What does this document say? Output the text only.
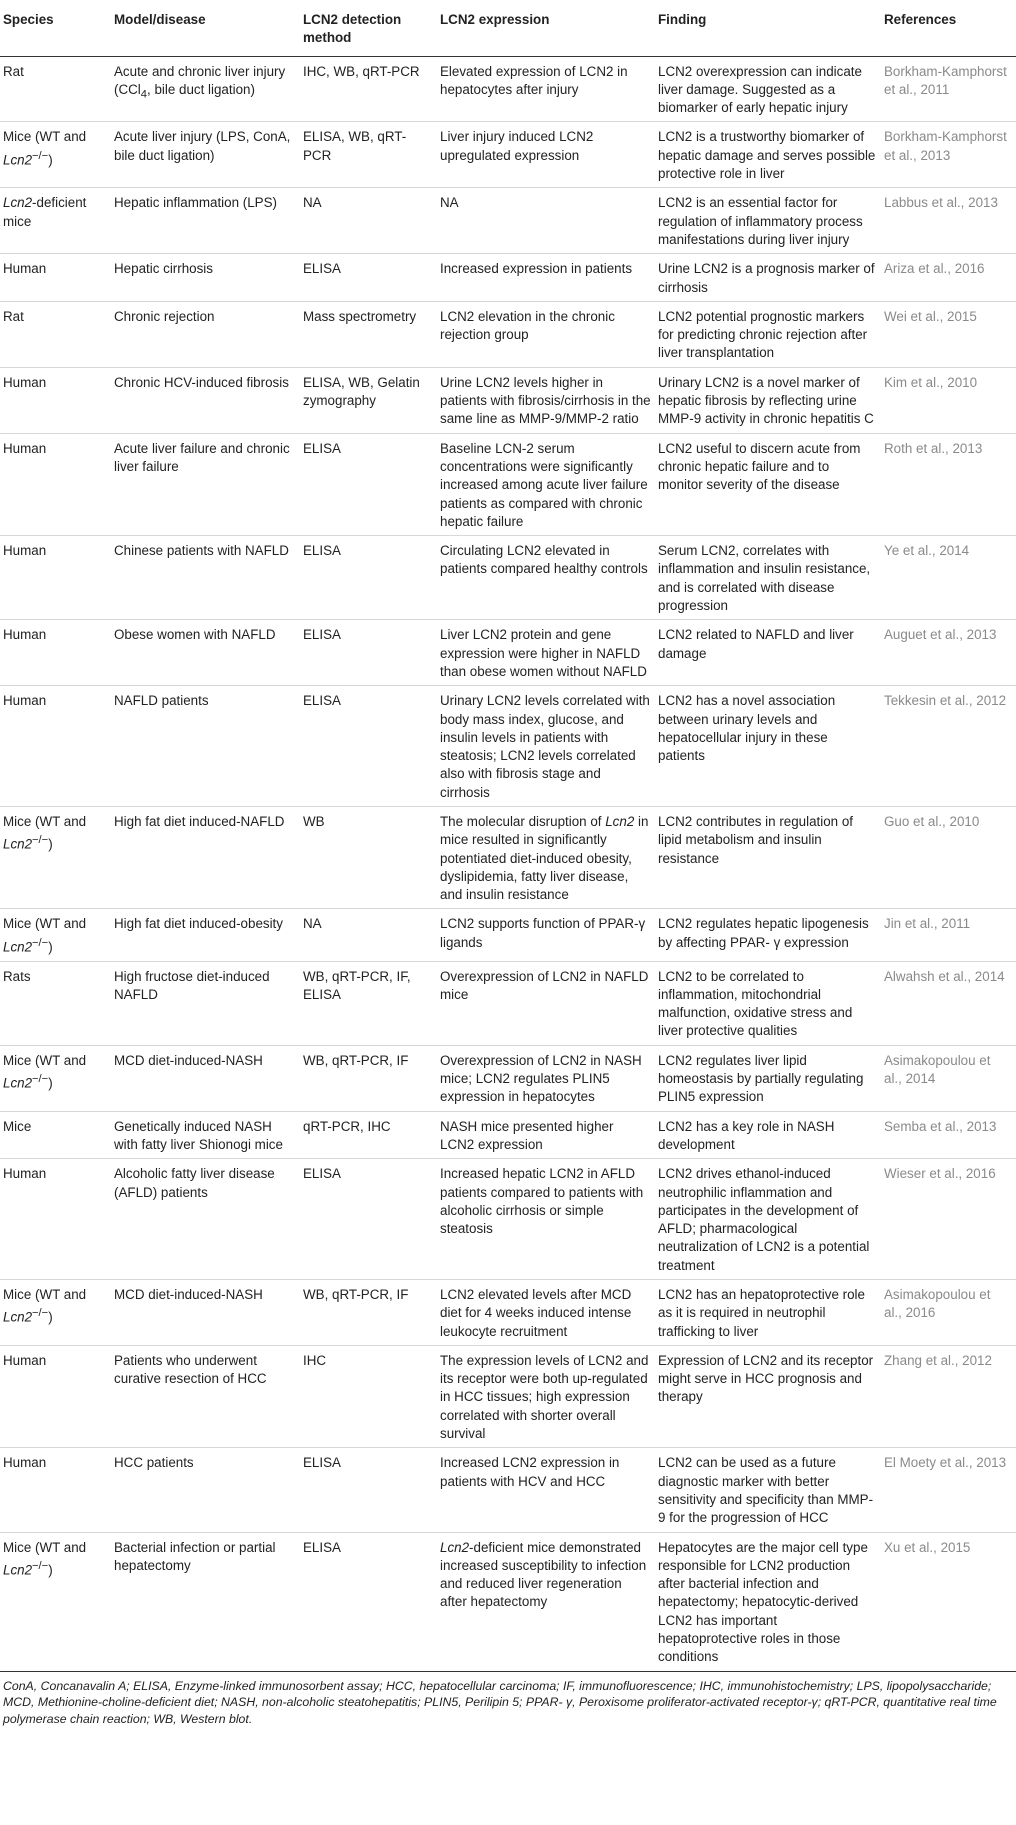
Species	Model/disease	LCN2 detection method	LCN2 expression	Finding	References
Rat	Acute and chronic liver injury (CCl$_4$, bile duct ligation)	IHC, WB, qRT-PCR	Elevated expression of LCN2 in hepatocytes after injury	LCN2 overexpression can indicate liver damage. Suggested as a biomarker of early hepatic injury	Borkham-Kamphorst et al., 2011
Mice (WT and Lcn2−/−)	Acute liver injury (LPS, ConA, bile duct ligation)	ELISA, WB, qRT-PCR	Liver injury induced LCN2 upregulated expression	LCN2 is a trustworthy biomarker of hepatic damage and serves possible protective role in liver	Borkham-Kamphorst et al., 2013
Lcn2-deficient mice	Hepatic inflammation (LPS)	NA	NA	LCN2 is an essential factor for regulation of inflammatory process manifestations during liver injury	Labbus et al., 2013
Human	Hepatic cirrhosis	ELISA	Increased expression in patients	Urine LCN2 is a prognosis marker of cirrhosis	Ariza et al., 2016
Rat	Chronic rejection	Mass spectrometry	LCN2 elevation in the chronic rejection group	LCN2 potential prognostic markers for predicting chronic rejection after liver transplantation	Wei et al., 2015
Human	Chronic HCV-induced fibrosis	ELISA, WB, Gelatin zymography	Urine LCN2 levels higher in patients with fibrosis/cirrhosis in the same line as MMP-9/MMP-2 ratio	Urinary LCN2 is a novel marker of hepatic fibrosis by reflecting urine MMP-9 activity in chronic hepatitis C	Kim et al., 2010
Human	Acute liver failure and chronic liver failure	ELISA	Baseline LCN-2 serum concentrations were significantly increased among acute liver failure patients as compared with chronic hepatic failure	LCN2 useful to discern acute from chronic hepatic failure and to monitor severity of the disease	Roth et al., 2013
Human	Chinese patients with NAFLD	ELISA	Circulating LCN2 elevated in patients compared healthy controls	Serum LCN2, correlates with inflammation and insulin resistance, and is correlated with disease progression	Ye et al., 2014
Human	Obese women with NAFLD	ELISA	Liver LCN2 protein and gene expression were higher in NAFLD than obese women without NAFLD	LCN2 related to NAFLD and liver damage	Auguet et al., 2013
Human	NAFLD patients	ELISA	Urinary LCN2 levels correlated with body mass index, glucose, and insulin levels in patients with steatosis; LCN2 levels correlated also with fibrosis stage and cirrhosis	LCN2 has a novel association between urinary levels and hepatocellular injury in these patients	Tekkesin et al., 2012
Mice (WT and Lcn2−/−)	High fat diet induced-NAFLD	WB	The molecular disruption of Lcn2 in mice resulted in significantly potentiated diet-induced obesity, dyslipidemia, fatty liver disease, and insulin resistance	LCN2 contributes in regulation of lipid metabolism and insulin resistance	Guo et al., 2010
Mice (WT and Lcn2−/−)	High fat diet induced-obesity	NA	LCN2 supports function of PPAR-γ ligands	LCN2 regulates hepatic lipogenesis by affecting PPAR- γ expression	Jin et al., 2011
Rats	High fructose diet-induced NAFLD	WB, qRT-PCR, IF, ELISA	Overexpression of LCN2 in NAFLD mice	LCN2 to be correlated to inflammation, mitochondrial malfunction, oxidative stress and liver protective qualities	Alwahsh et al., 2014
Mice (WT and Lcn2−/−)	MCD diet-induced-NASH	WB, qRT-PCR, IF	Overexpression of LCN2 in NASH mice; LCN2 regulates PLIN5 expression in hepatocytes	LCN2 regulates liver lipid homeostasis by partially regulating PLIN5 expression	Asimakopoulou et al., 2014
Mice	Genetically induced NASH with fatty liver Shionogi mice	qRT-PCR, IHC	NASH mice presented higher LCN2 expression	LCN2 has a key role in NASH development	Semba et al., 2013
Human	Alcoholic fatty liver disease (AFLD) patients	ELISA	Increased hepatic LCN2 in AFLD patients compared to patients with alcoholic cirrhosis or simple steatosis	LCN2 drives ethanol-induced neutrophilic inflammation and participates in the development of AFLD; pharmacological neutralization of LCN2 is a potential treatment	Wieser et al., 2016
Mice (WT and Lcn2−/−)	MCD diet-induced-NASH	WB, qRT-PCR, IF	LCN2 elevated levels after MCD diet for 4 weeks induced intense leukocyte recruitment	LCN2 has an hepatoprotective role as it is required in neutrophil trafficking to liver	Asimakopoulou et al., 2016
Human	Patients who underwent curative resection of HCC	IHC	The expression levels of LCN2 and its receptor were both up-regulated in HCC tissues; high expression correlated with shorter overall survival	Expression of LCN2 and its receptor might serve in HCC prognosis and therapy	Zhang et al., 2012
Human	HCC patients	ELISA	Increased LCN2 expression in patients with HCV and HCC	LCN2 can be used as a future diagnostic marker with better sensitivity and specificity than MMP-9 for the progression of HCC	El Moety et al., 2013
Mice (WT and Lcn2−/−)	Bacterial infection or partial hepatectomy	ELISA	Lcn2-deficient mice demonstrated increased susceptibility to infection and reduced liver regeneration after hepatectomy	Hepatocytes are the major cell type responsible for LCN2 production after bacterial infection and hepatectomy; hepatocytic-derived LCN2 has important hepatoprotective roles in those conditions	Xu et al., 2015
ConA, Concanavalin A; ELISA, Enzyme-linked immunosorbent assay; HCC, hepatocellular carcinoma; IF, immunofluorescence; IHC, immunohistochemistry; LPS, lipopolysaccharide; MCD, Methionine-choline-deficient diet; NASH, non-alcoholic steatohepatitis; PLIN5, Perilipin 5; PPAR- γ, Peroxisome proliferator-activated receptor-γ; qRT-PCR, quantitative real time polymerase chain reaction; WB, Western blot.
